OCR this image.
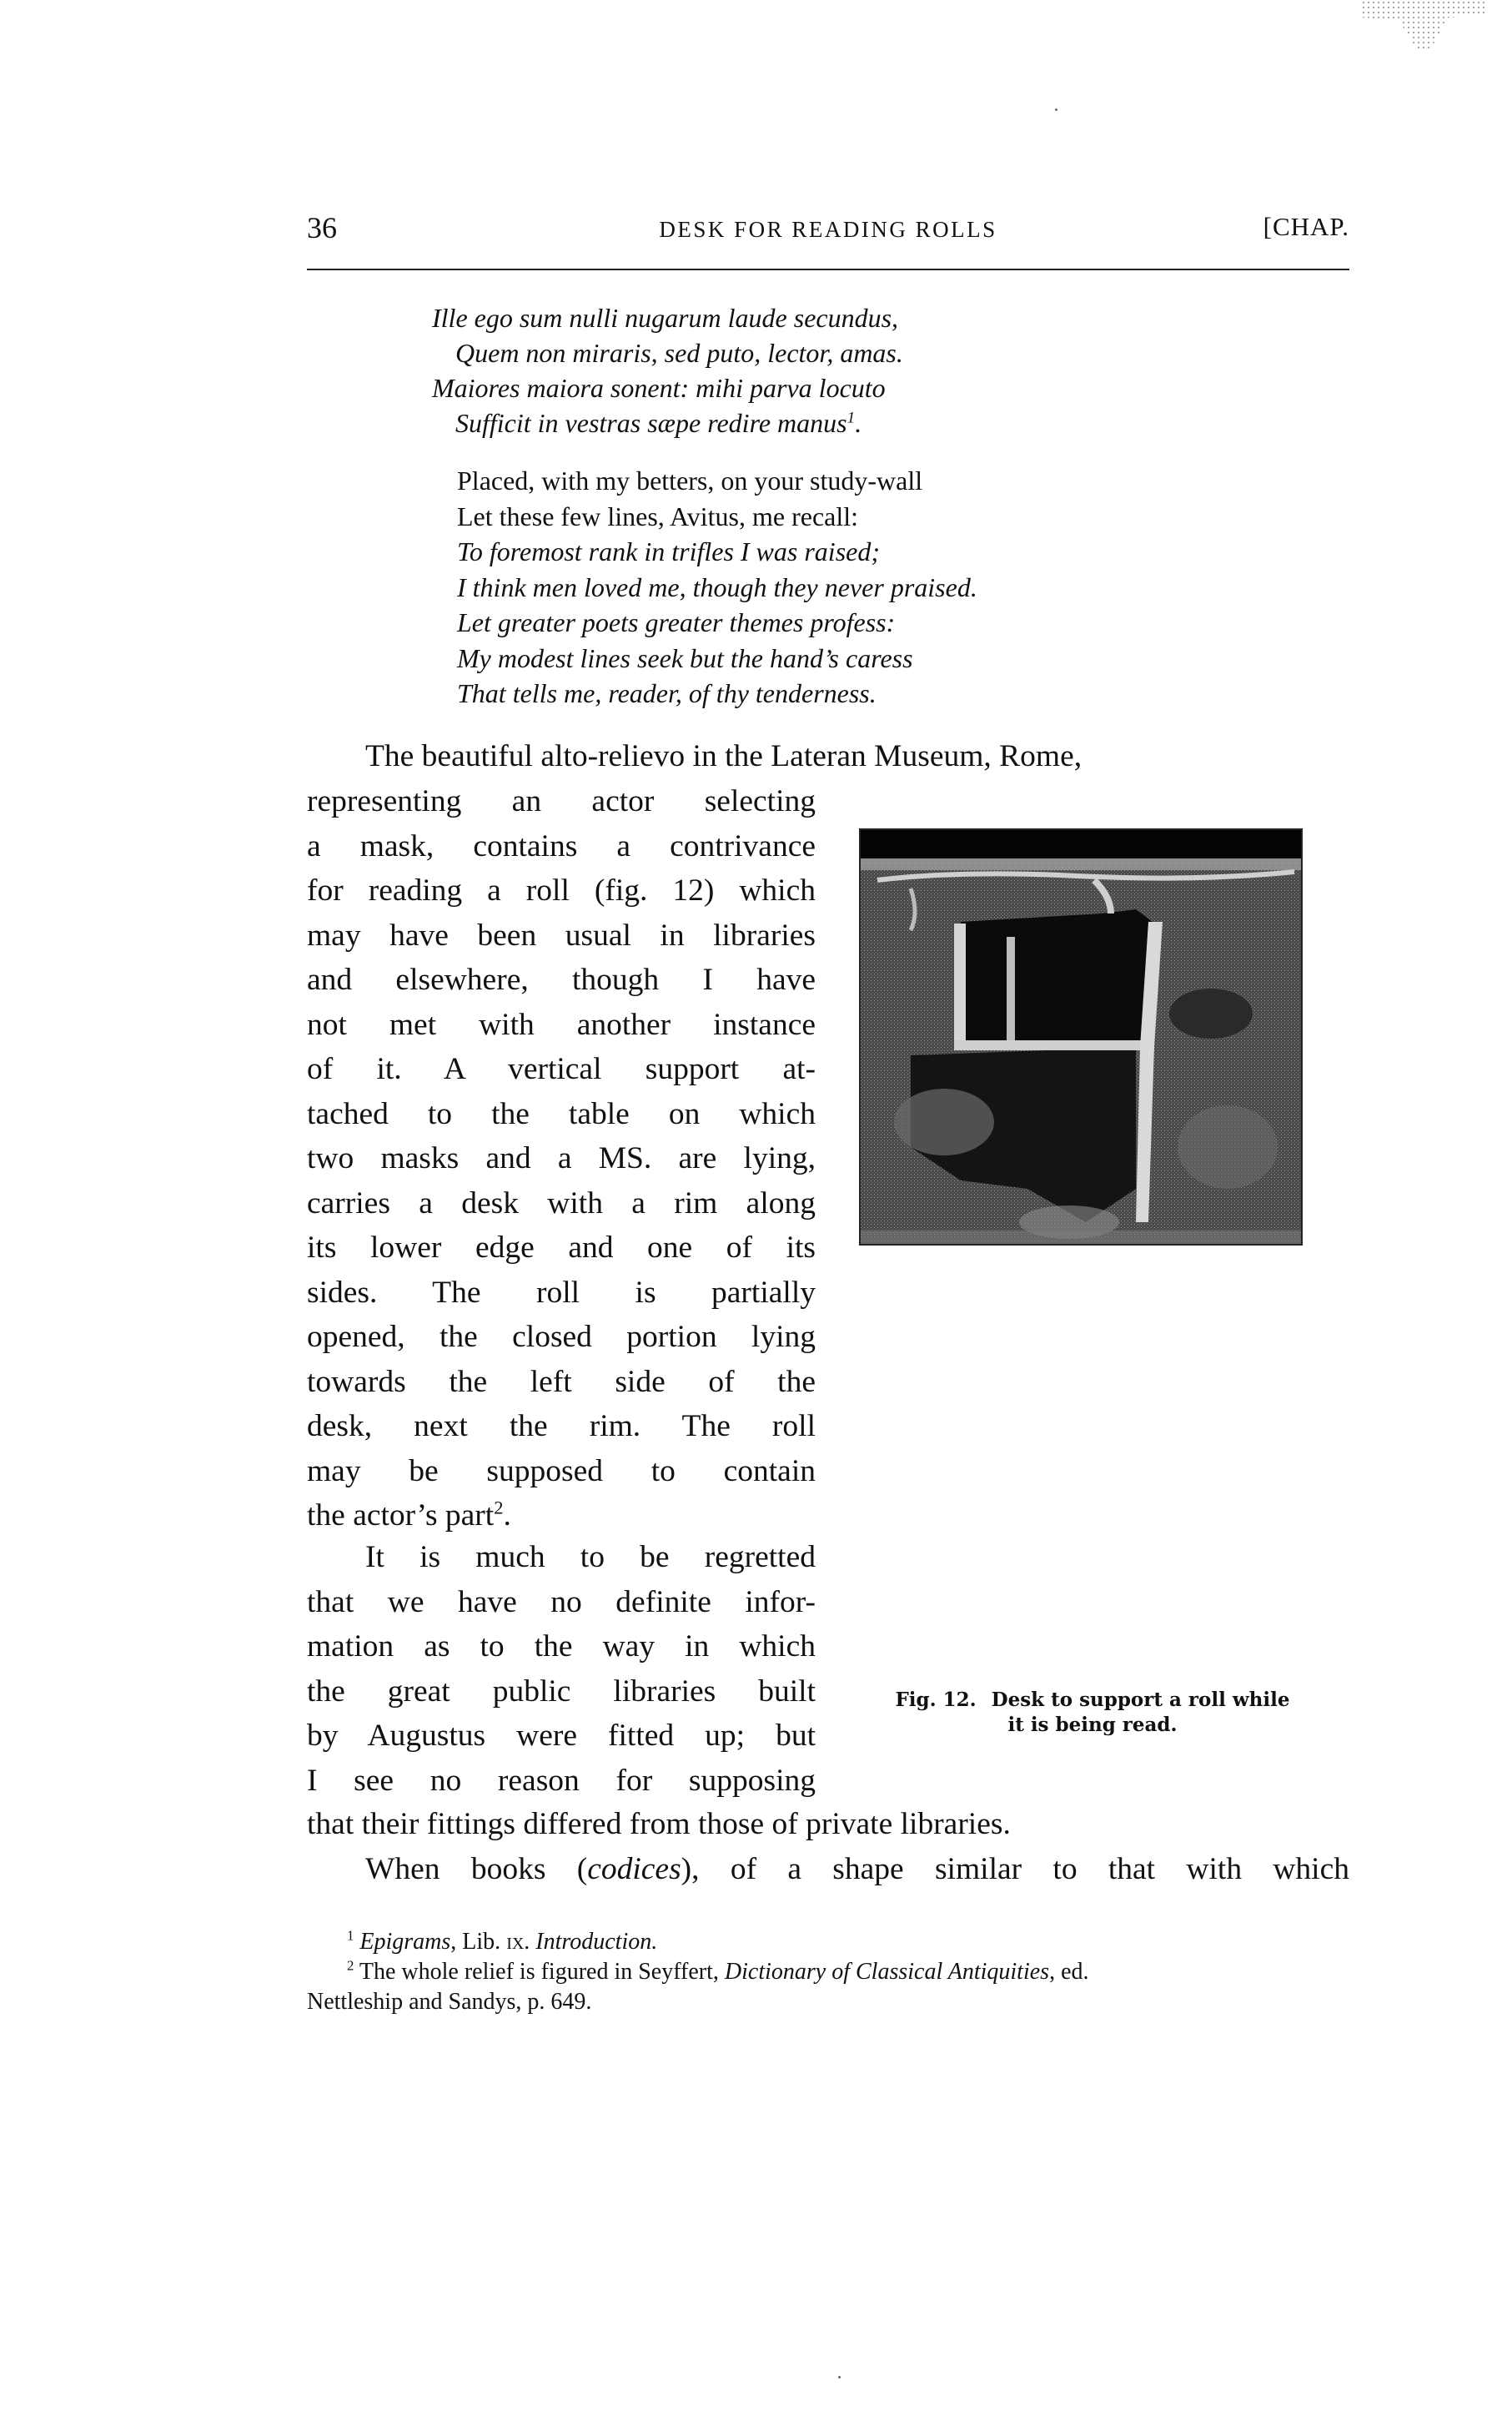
36	DESK FOR READING ROLLS	[CHAP.
Ille ego sum nulli nugarum laude secundus,
Quem non miraris, sed puto, lector, amas.
Maiores maiora sonent: mihi parva locuto
Sufficit in vestras sæpe redire manus$^1$.
Placed, with my betters, on your study-wall
Let these few lines, Avitus, me recall:
To foremost rank in trifles I was raised;
I think men loved me, though they never praised.
Let greater poets greater themes profess:
My modest lines seek but the hand’s caress
That tells me, reader, of thy tenderness.
The beautiful alto-relievo in the Lateran Museum, Rome,
representing an actor selecting
a mask, contains a contrivance
for reading a roll (fig. 12) which
may have been usual in libraries
and elsewhere, though I have
not met with another instance
of it. A vertical support at-
tached to the table on which
two masks and a MS. are lying,
carries a desk with a rim along
its lower edge and one of its
sides. The roll is partially
opened, the closed portion lying
towards the left side of the
desk, next the rim. The roll
may be supposed to contain
the actor’s part$^2$.
Fig. 12. Desk to support a roll while
it is being read.
It is much to be regretted
that we have no definite infor-
mation as to the way in which
the great public libraries built
by Augustus were fitted up; but
I see no reason for supposing
that their fittings differed from those of private libraries.
When books (codices), of a shape similar to that with which
$^1$ Epigrams, Lib. ix. Introduction.
$^2$ The whole relief is figured in Seyffert, Dictionary of Classical Antiquities, ed.
Nettleship and Sandys, p. 649.
